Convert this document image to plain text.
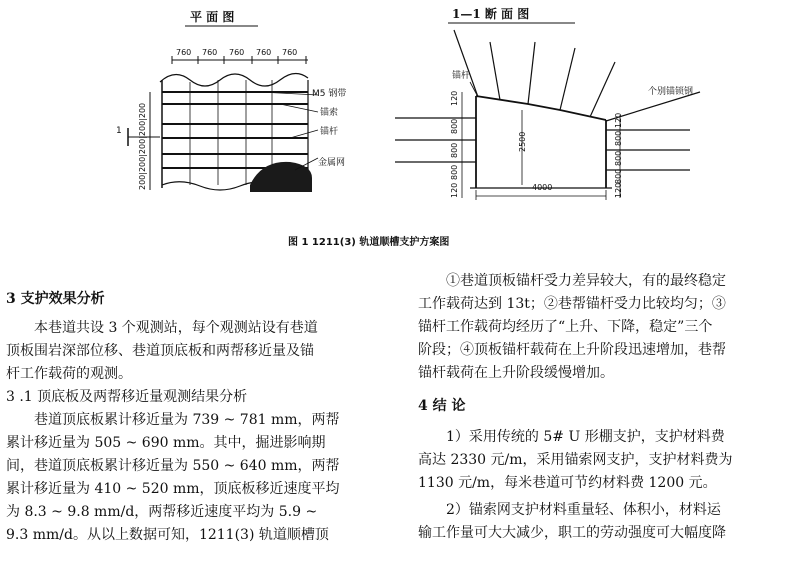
平 面 图	1—1 断 面 图
760 760 760 760 760
200|200|200|200|200
M5 钢带
锚索
锚杆
金属网
1
锚杆
个别锚锁钢
4000
2500
120
800
800
800
120
120
800
800
800
120
图 1 1211(3) 轨道顺槽支护方案图
3 支护效果分析

本巷道共设 3 个观测站，每个观测站设有巷道

顶板围岩深部位移、巷道顶底板和两帮移近量及锚

杆工作载荷的观测。

3 .1 顶底板及两帮移近量观测结果分析

巷道顶底板累计移近量为 739 ~ 781 mm，两帮

累计移近量为 505 ~ 690 mm。其中，掘进影响期

间，巷道顶底板累计移近量为 550 ~ 640 mm，两帮

累计移近量为 410 ~ 520 mm，顶底板移近速度平均

为 8.3 ~ 9.8 mm/d，两帮移近速度平均为 5.9 ~

9.3 mm/d。从以上数据可知，1211(3) 轨道顺槽顶

①巷道顶板锚杆受力差异较大，有的最终稳定

工作载荷达到 13t；②巷帮锚杆受力比较均匀；③

锚杆工作载荷均经历了“上升、下降，稳定”三个

阶段；④顶板锚杆载荷在上升阶段迅速增加，巷帮

锚杆载荷在上升阶段缓慢增加。

4 结 论

1）采用传统的 5# U 形棚支护，支护材料费

高达 2330 元/m，采用锚索网支护，支护材料费为

1130 元/m，每米巷道可节约材料费 1200 元。

2）锚索网支护材料重量轻、体积小，材料运

输工作量可大大减少，职工的劳动强度可大幅度降
